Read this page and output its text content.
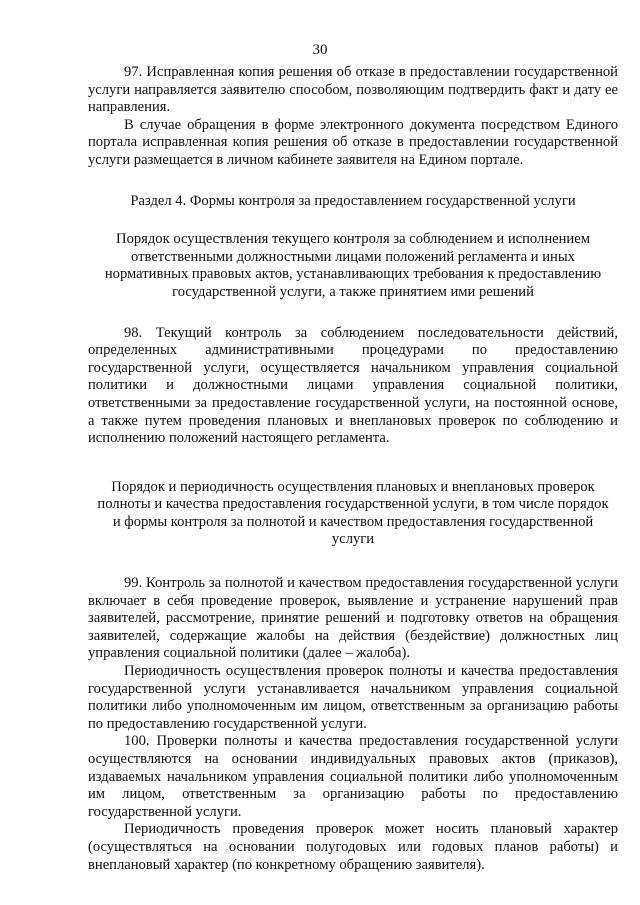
30

97. Исправленная копия решения об отказе в предоставлении государственной услуги направляется заявителю способом, позволяющим подтвердить факт и дату ее направления.

В случае обращения в форме электронного документа посредством Единого портала исправленная копия решения об отказе в предоставлении государственной услуги размещается в личном кабинете заявителя на Едином портале.

Раздел 4. Формы контроля за предоставлением государственной услуги

Порядок осуществления текущего контроля за соблюдением и исполнением ответственными должностными лицами положений регламента и иных нормативных правовых актов, устанавливающих требования к предоставлению государственной услуги, а также принятием ими решений

98. Текущий контроль за соблюдением последовательности действий, определенных административными процедурами по предоставлению государственной услуги, осуществляется начальником управления социальной политики и должностными лицами управления социальной политики, ответственными за предоставление государственной услуги, на постоянной основе, а также путем проведения плановых и внеплановых проверок по соблюдению и исполнению положений настоящего регламента.

Порядок и периодичность осуществления плановых и внеплановых проверок полноты и качества предоставления государственной услуги, в том числе порядок и формы контроля за полнотой и качеством предоставления государственной услуги

99. Контроль за полнотой и качеством предоставления государственной услуги включает в себя проведение проверок, выявление и устранение нарушений прав заявителей, рассмотрение, принятие решений и подготовку ответов на обращения заявителей, содержащие жалобы на действия (бездействие) должностных лиц управления социальной политики (далее – жалоба).

Периодичность осуществления проверок полноты и качества предоставления государственной услуги устанавливается начальником управления социальной политики либо уполномоченным им лицом, ответственным за организацию работы по предоставлению государственной услуги.

100. Проверки полноты и качества предоставления государственной услуги осуществляются на основании индивидуальных правовых актов (приказов), издаваемых начальником управления социальной политики либо уполномоченным им лицом, ответственным за организацию работы по предоставлению государственной услуги.

Периодичность проведения проверок может носить плановый характер (осуществляться на основании полугодовых или годовых планов работы) и внеплановый характер (по конкретному обращению заявителя).
